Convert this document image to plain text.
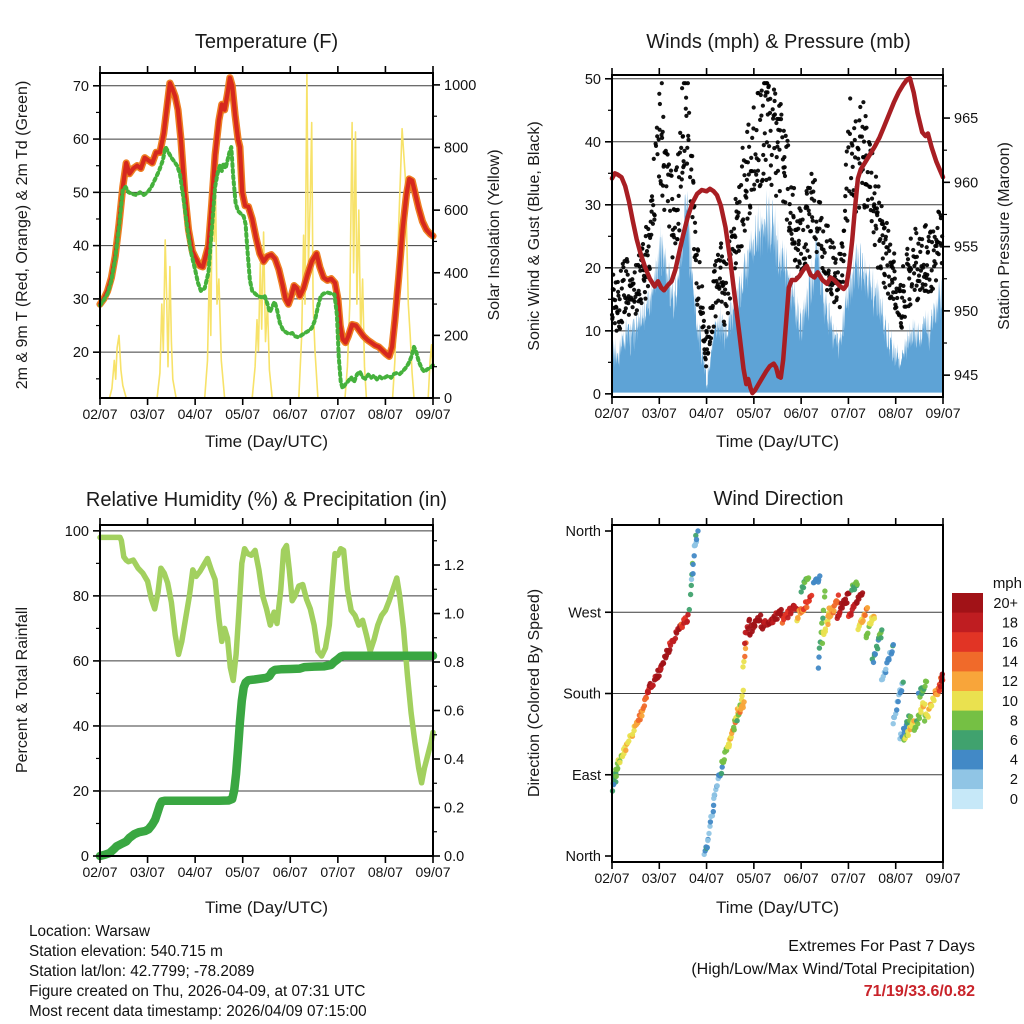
02/07 03/07 04/07 05/07 06/07 07/07 08/07 09/07
20
30
40
50
60
70
0
200
400
600
800
1000
02/07 03/07 04/07 05/07 06/07 07/07 08/07 09/07
0
10
20
30
40
50
945
950
955
960
965
02/07 03/07 04/07 05/07 06/07 07/07 08/07 09/07
0
20
40
60
80
100
0.0
0.2
0.4
0.6
0.8
1.0
1.2
02/07 03/07 04/07 05/07 06/07 07/07 08/07 09/07
North
West
South
East
North
mph
20+
18
16
14
12
10
8
6
4
2
0
Temperature (F)	Winds (mph) & Pressure (mb)
Relative Humidity (%) & Precipitation (in)	Wind Direction
2m & 9m T (Red, Orange) & 2m Td (Green)	Solar Insolation (Yellow)	Sonic Wind & Gust (Blue, Black)	Station Pressure (Maroon)
Percent & Total Rainfall	Direction (Colored By Speed)
Time (Day/UTC)	Time (Day/UTC)
Time (Day/UTC)	Time (Day/UTC)
Location: Warsaw
Station elevation: 540.715 m
Station lat/lon: 42.7799; -78.2089
Figure created on Thu, 2026-04-09, at 07:31 UTC
Most recent data timestamp: 2026/04/09 07:15:00
Extremes For Past 7 Days
(High/Low/Max Wind/Total Precipitation)
71/19/33.6/0.82
